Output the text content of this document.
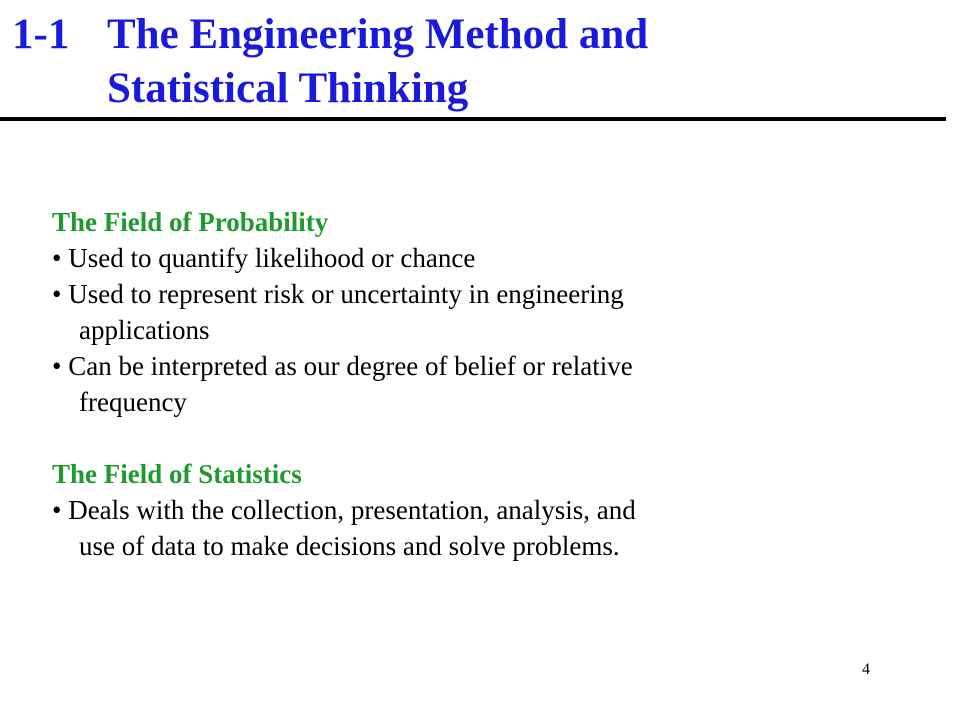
1-1 The Engineering Method and
Statistical Thinking
The Field of Probability
• Used to quantify likelihood or chance
• Used to represent risk or uncertainty in engineering
applications
• Can be interpreted as our degree of belief or relative
frequency
The Field of Statistics
• Deals with the collection, presentation, analysis, and
use of data to make decisions and solve problems.
4
